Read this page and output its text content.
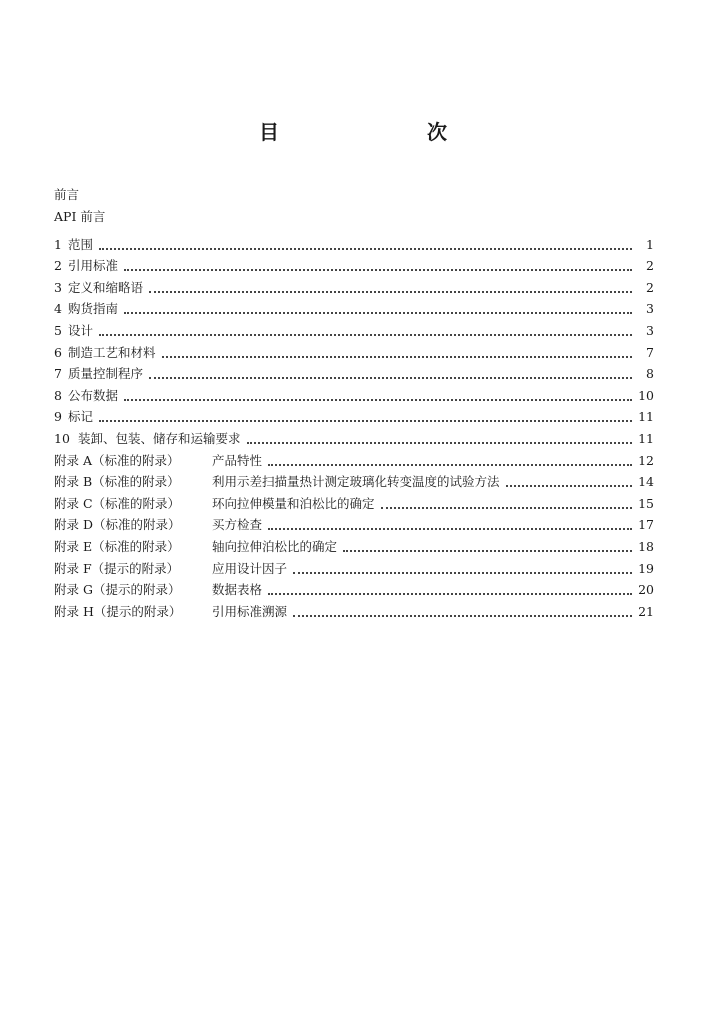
目　　次
前言
API 前言
1 范围	1
2 引用标准	2
3 定义和缩略语	2
4 购货指南	3
5 设计	3
6 制造工艺和材料	7
7 质量控制程序	8
8 公布数据	10
9 标记	11
10 装卸、包装、储存和运输要求	11
附录 A（标准的附录）	产品特性	12
附录 B（标准的附录）	利用示差扫描量热计测定玻璃化转变温度的试验方法	14
附录 C（标准的附录）	环向拉伸模量和泊松比的确定	15
附录 D（标准的附录）	买方检查	17
附录 E（标准的附录）	轴向拉伸泊松比的确定	18
附录 F（提示的附录）	应用设计因子	19
附录 G（提示的附录）	数据表格	20
附录 H（提示的附录） 引用标准溯源	21
